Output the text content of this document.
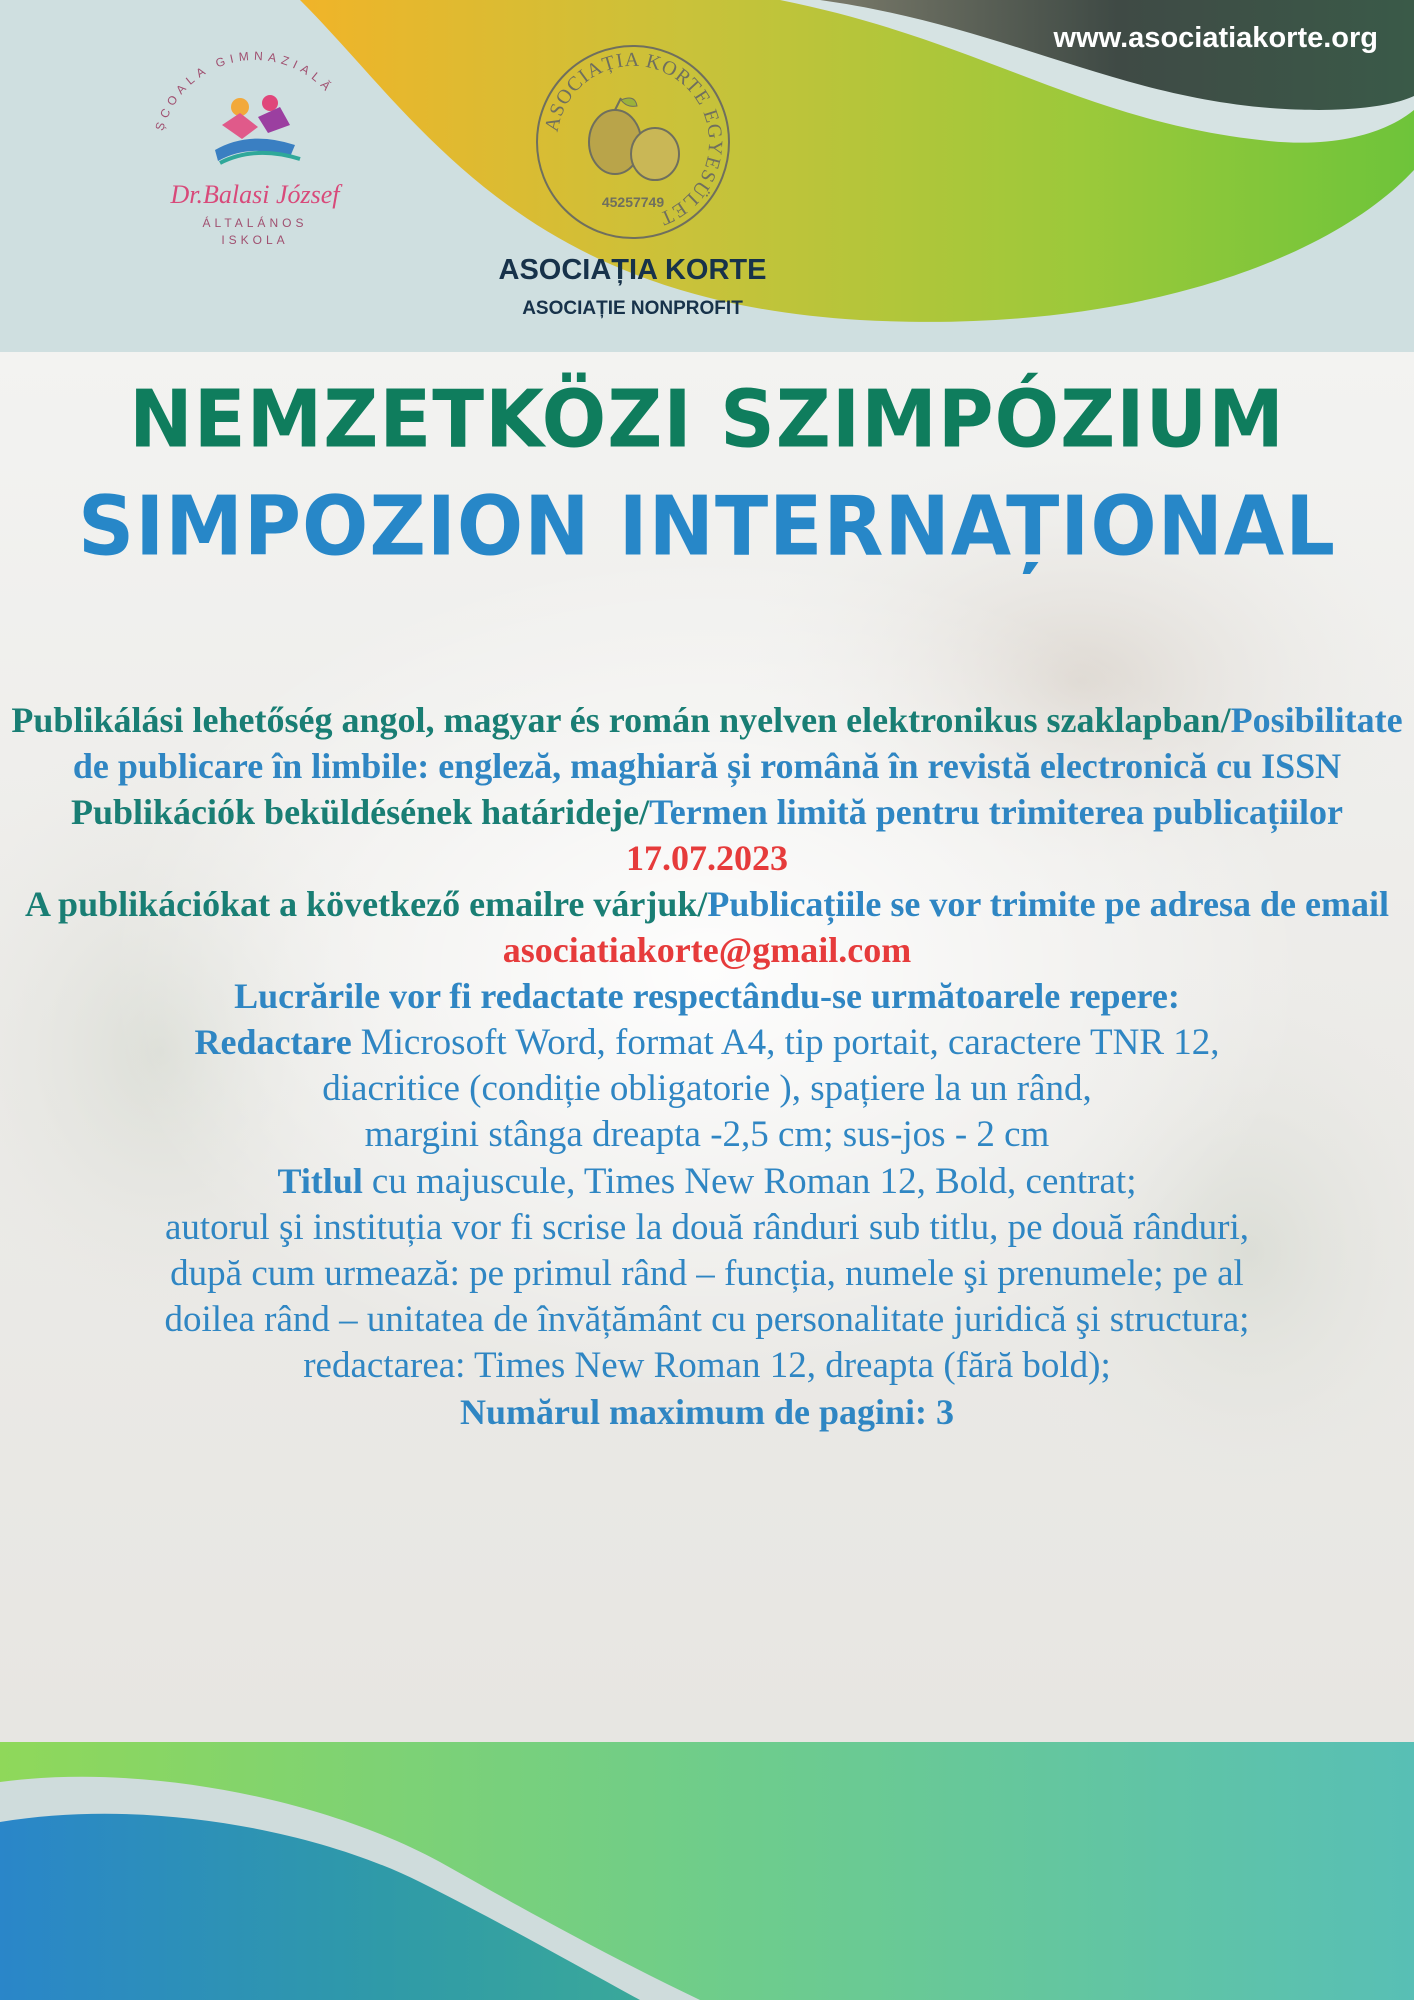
www.asociatiakorte.org
ȘCOALA GIMNAZIALĂ
Dr.Balasi József
ÁLTALÁNOS
ISKOLA
ASOCIAȚIA KORTE EGYESÜLET
45257749
ASOCIAȚIA KORTE
ASOCIAȚIE NONPROFIT
NEMZETKÖZI SZIMPÓZIUM
SIMPOZION INTERNAȚIONAL
Publikálási lehetőség angol, magyar és román nyelven elektronikus szaklapban/Posibilitate de publicare în limbile: engleză, maghiară și română în revistă electronică cu ISSN
Publikációk beküldésének határideje/Termen limită pentru trimiterea publicațiilor
17.07.2023
A publikációkat a következő emailre várjuk/Publicațiile se vor trimite pe adresa de email asociatiakorte@gmail.com
Lucrările vor fi redactate respectându-se următoarele repere:
Redactare Microsoft Word, format A4, tip portait, caractere TNR 12,
diacritice (condiție obligatorie ), spațiere la un rând,
margini stânga dreapta -2,5 cm; sus-jos - 2 cm
Titlul cu majuscule, Times New Roman 12, Bold, centrat;
autorul şi instituția vor fi scrise la două rânduri sub titlu, pe două rânduri,
după cum urmează: pe primul rând – funcția, numele şi prenumele; pe al
doilea rând – unitatea de învățământ cu personalitate juridică şi structura;
redactarea: Times New Roman 12, dreapta (fără bold);
Numărul maximum de pagini: 3
